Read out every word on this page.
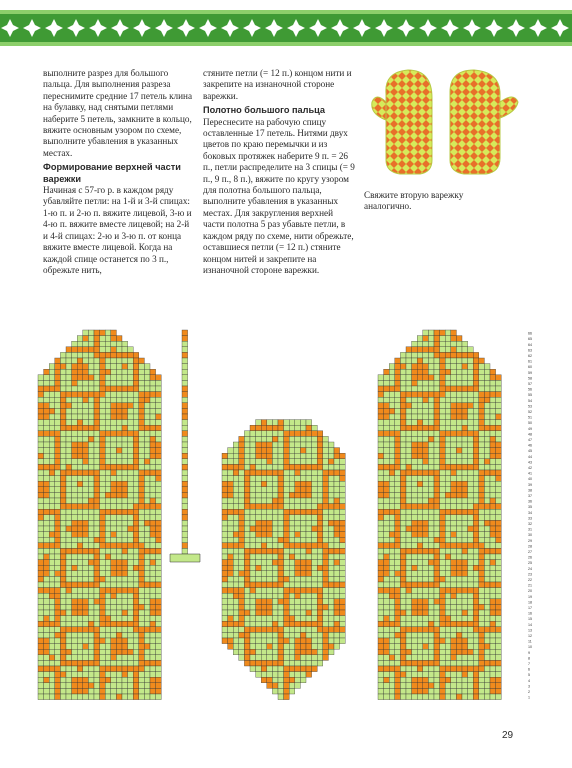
выполните разрез для большого пальца. Для выполнения разреза переснимите средние 17 петель клина на булавку, над снятыми петлями наберите 5 петель, замкните в кольцо, вяжите основным узором по схеме, выполните убавления в указанных местах.

Формирование верхней части варежки

Начиная с 57-го р. в каждом ряду убавляйте петли: на 1-й и 3-й спицах: 1-ю п. и 2-ю п. вяжите лицевой, 3-ю и 4-ю п. вяжите вместе лицевой; на 2-й и 4-й спицах: 2-ю и 3-ю п. от конца вяжите вместе лицевой. Когда на каждой спице останется по 3 п., обрежьте нить,

стяните петли (= 12 п.) концом нити и закрепите на изнаночной стороне варежки.

Полотно большого пальца

Переснесите на рабочую спицу оставленные 17 петель. Нитями двух цветов по краю перемычки и из боковых протяжек наберите 9 п. = 26 п., петли распределите на 3 спицы (= 9 п., 9 п., 8 п.), вяжите по кругу узором для полотна большого пальца, выполните убавления в указанных местах. Для закругления верхней части полотна 5 раз убавьте петли, в каждом ряду по схеме, нити обрежьте, оставшиеся петли (= 12 п.) стяните концом нитей и закрепите на изнаночной стороне варежки.

Свяжите вторую варежку аналогично.
66
65
64
63
62
61
60
59
58
57
56
55
54
53
52
51
50
49
48
47
46
45
44
43
42
41
40
39
38
37
36
35
34
33
32
31
30
29
28
27
26
25
24
23
22
21
20
19
18
17
16
15
14
13
12
11
10
9
8
7
6
5
4
3
2
1
29
